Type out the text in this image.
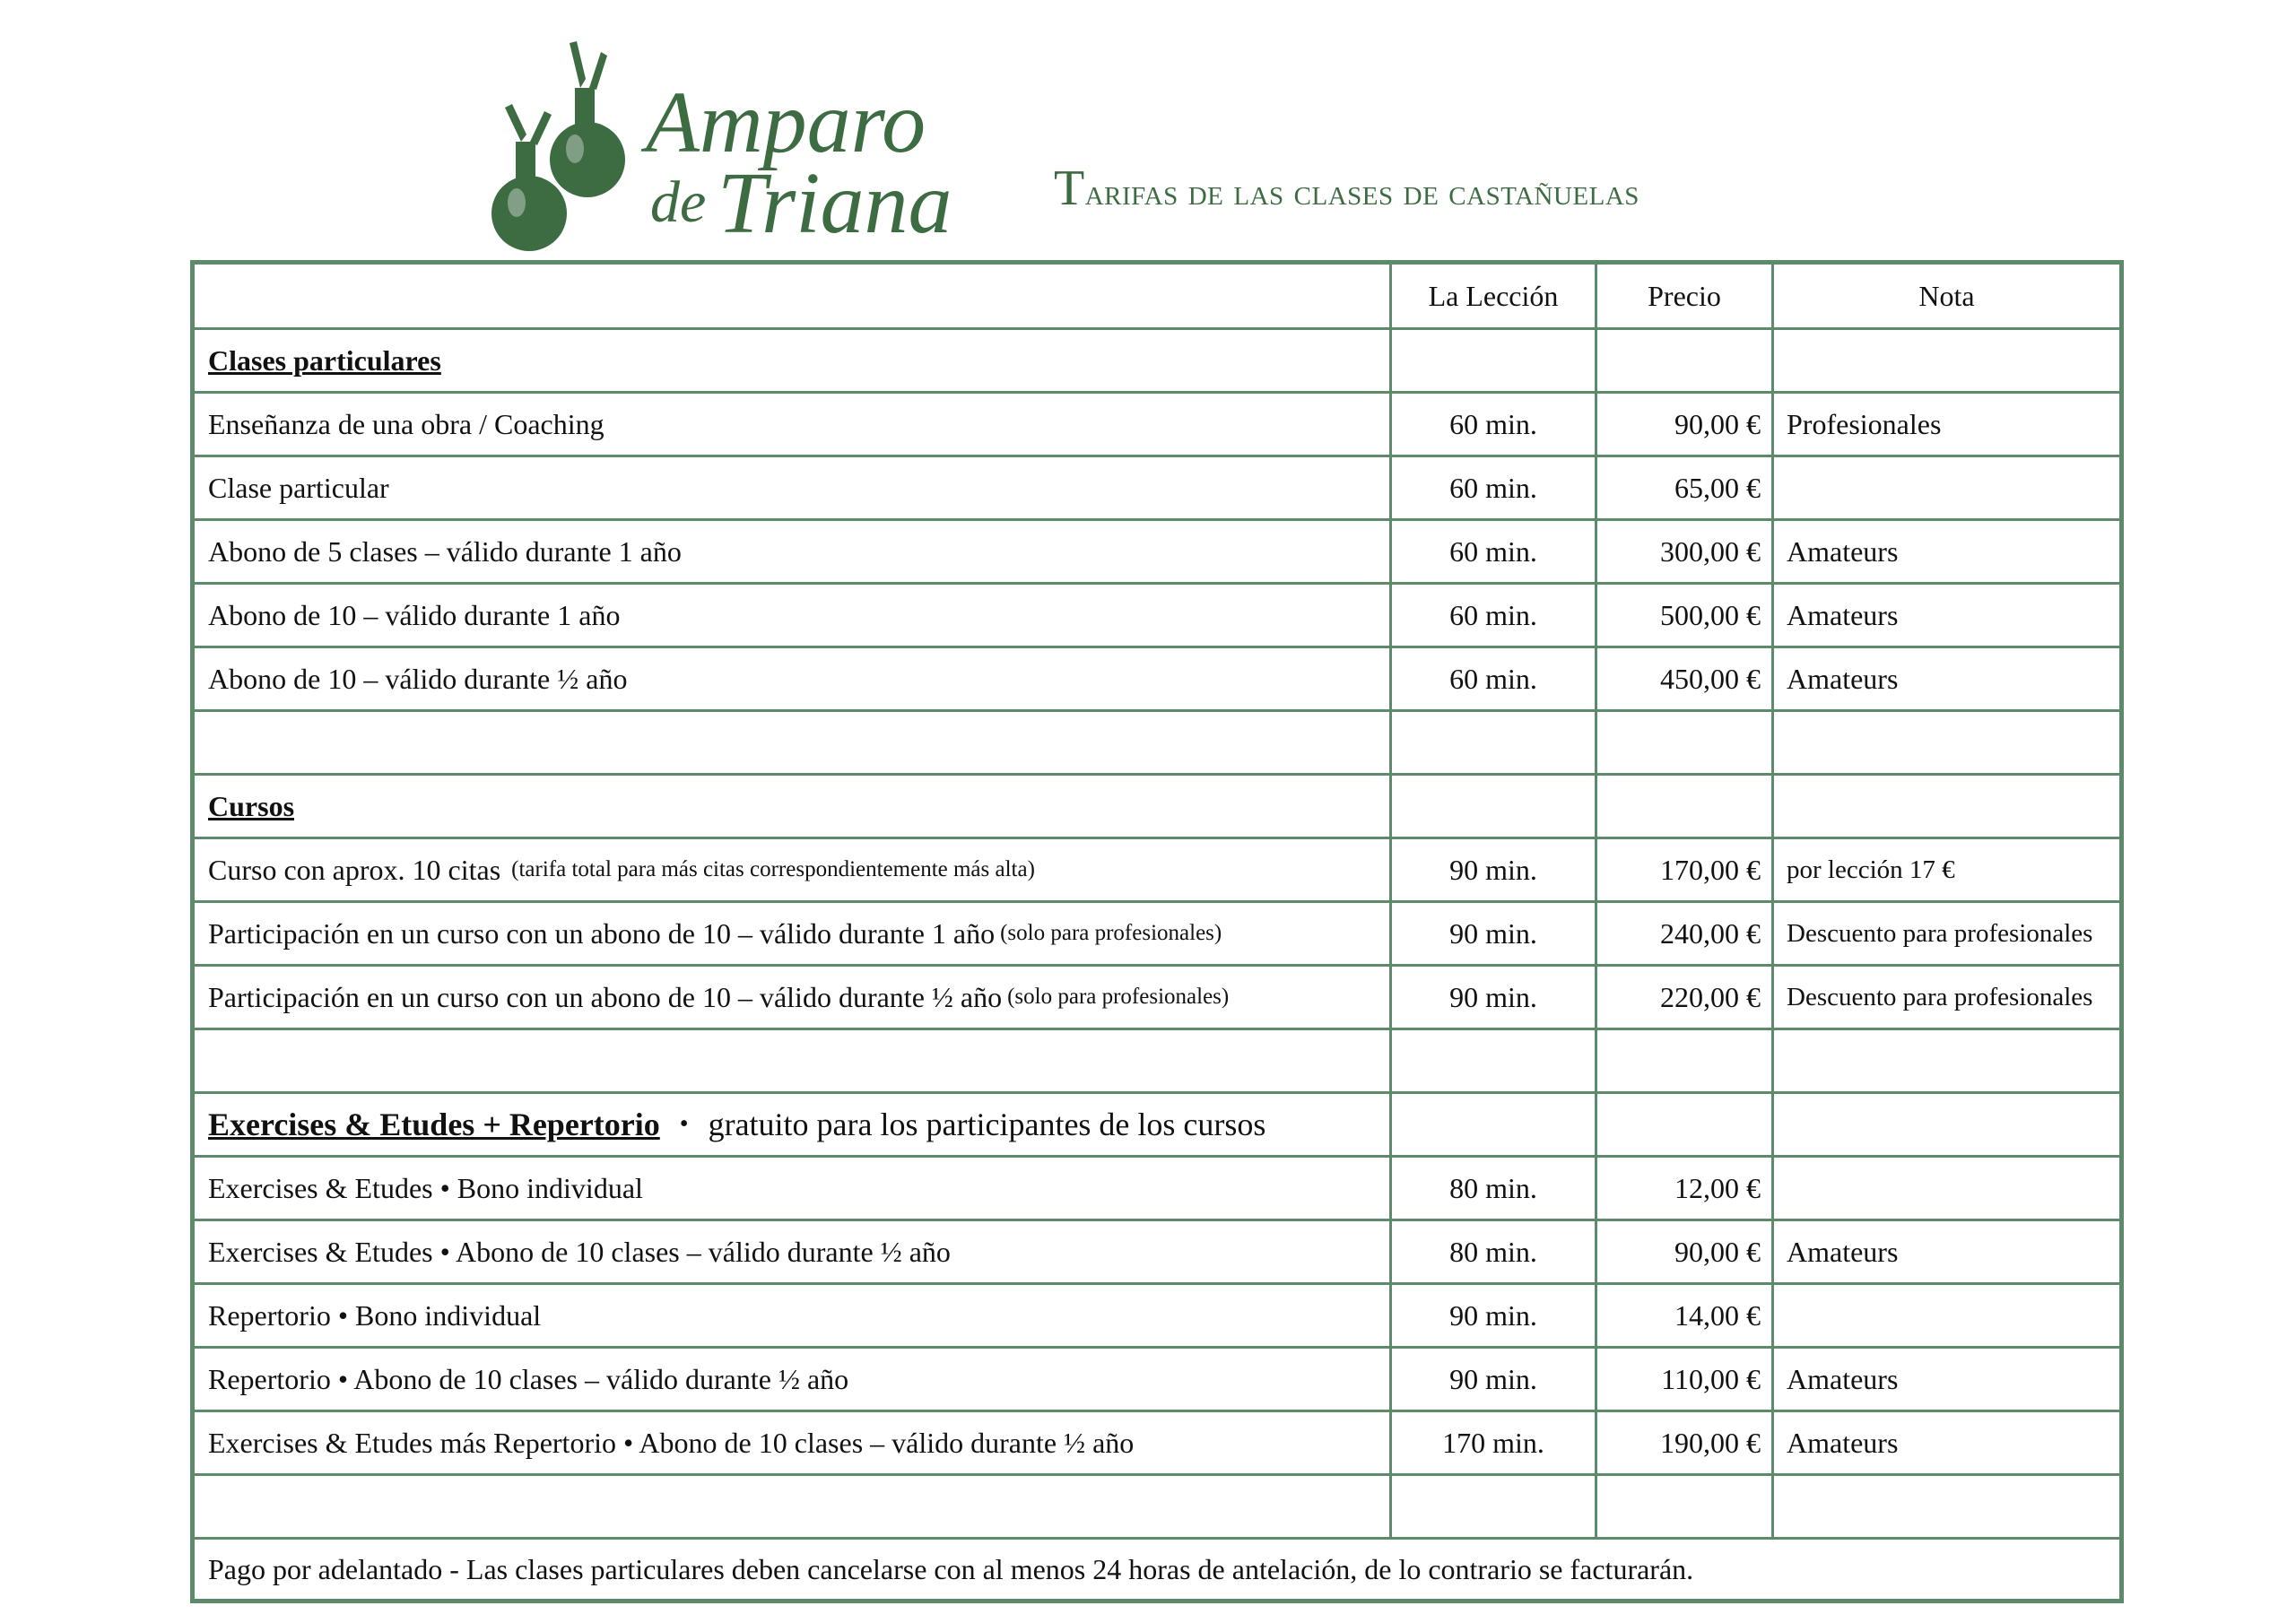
Amparo
de Triana Tarifas de las clases de castañuelas
La Lección	Precio	Nota
Clases particulares
Enseñanza de una obra / Coaching	60 min.	90,00 € Profesionales
Clase particular	60 min.	65,00 €
Abono de 5 clases – válido durante 1 año	60 min.	300,00 € Amateurs
Abono de 10 – válido durante 1 año	60 min.	500,00 € Amateurs
Abono de 10 – válido durante ½ año	60 min.	450,00 € Amateurs
Cursos
Curso con aprox. 10 citas (tarifa total para más citas correspondientemente más alta)	90 min.	170,00 €	por lección 17 €
Participación en un curso con un abono de 10 – válido durante 1 año (solo para profesionales)	90 min.	240,00 €	Descuento para profesionales
Participación en un curso con un abono de 10 – válido durante ½ año (solo para profesionales)	90 min.	220,00 €	Descuento para profesionales
Exercises & Etudes + Repertorio • gratuito para los participantes de los cursos
Exercises & Etudes • Bono individual	80 min.	12,00 €
Exercises & Etudes • Abono de 10 clases – válido durante ½ año	80 min.	90,00 € Amateurs
Repertorio • Bono individual	90 min.	14,00 €
Repertorio • Abono de 10 clases – válido durante ½ año	90 min.	110,00 € Amateurs
Exercises & Etudes más Repertorio • Abono de 10 clases – válido durante ½ año	170 min.	190,00 € Amateurs
Pago por adelantado - Las clases particulares deben cancelarse con al menos 24 horas de antelación, de lo contrario se facturarán.
